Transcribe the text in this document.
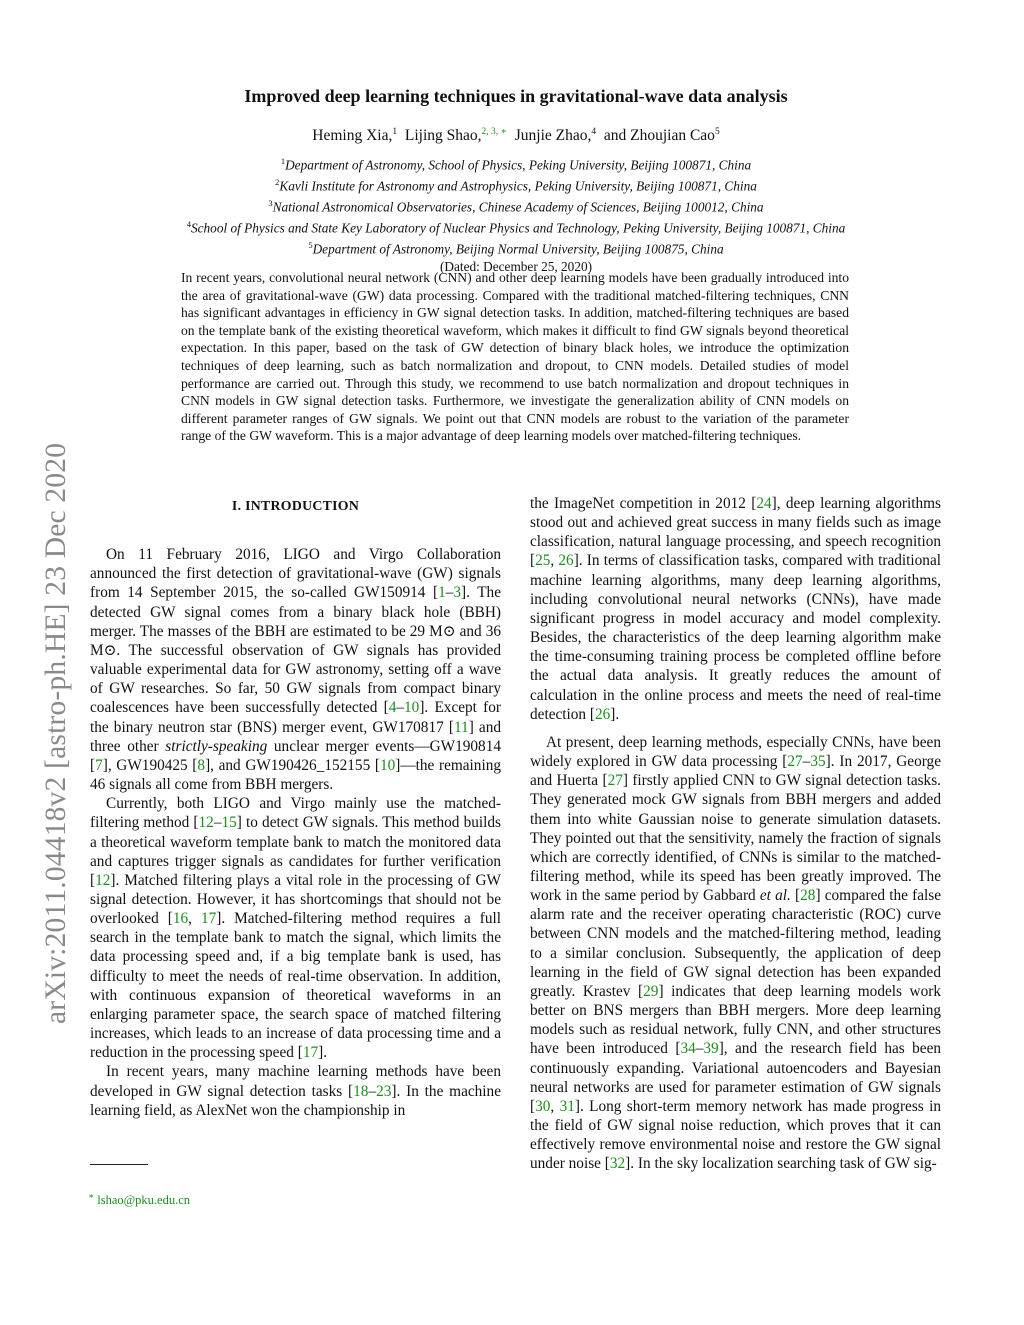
arXiv:2011.04418v2 [astro-ph.HE] 23 Dec 2020
Improved deep learning techniques in gravitational-wave data analysis
Heming Xia,$^1$ Lijing Shao,$^{2, 3, ∗}$ Junjie Zhao,$^4$ and Zhoujian Cao$^5$
$^1$Department of Astronomy, School of Physics, Peking University, Beijing 100871, China
$^2$Kavli Institute for Astronomy and Astrophysics, Peking University, Beijing 100871, China
$^3$National Astronomical Observatories, Chinese Academy of Sciences, Beijing 100012, China
$^4$School of Physics and State Key Laboratory of Nuclear Physics and Technology, Peking University, Beijing 100871, China
$^5$Department of Astronomy, Beijing Normal University, Beijing 100875, China
(Dated: December 25, 2020)

In recent years, convolutional neural network (CNN) and other deep learning models have been gradually introduced into the area of gravitational-wave (GW) data processing. Compared with the traditional matched-filtering techniques, CNN has significant advantages in efficiency in GW signal detection tasks. In addition, matched-filtering techniques are based on the template bank of the existing theoretical waveform, which makes it difficult to find GW signals beyond theoretical expectation. In this paper, based on the task of GW detection of binary black holes, we introduce the optimization techniques of deep learning, such as batch normalization and dropout, to CNN models. Detailed studies of model performance are carried out. Through this study, we recommend to use batch normalization and dropout techniques in CNN models in GW signal detection tasks. Furthermore, we investigate the generalization ability of CNN models on different parameter ranges of GW signals. We point out that CNN models are robust to the variation of the parameter range of the GW waveform. This is a major advantage of deep learning models over matched-filtering techniques.

I. INTRODUCTION

On 11 February 2016, LIGO and Virgo Collaboration announced the first detection of gravitational-wave (GW) signals from 14 September 2015, the so-called GW150914 [1–3]. The detected GW signal comes from a binary black hole (BBH) merger. The masses of the BBH are estimated to be 29 M⊙ and 36 M⊙. The successful observation of GW signals has provided valuable experimental data for GW astronomy, setting off a wave of GW researches. So far, 50 GW signals from compact binary coalescences have been successfully detected [4–10]. Except for the binary neutron star (BNS) merger event, GW170817 [11] and three other strictly-speaking unclear merger events—GW190814 [7], GW190425 [8], and GW190426_152155 [10]—the remaining 46 signals all come from BBH mergers.

Currently, both LIGO and Virgo mainly use the matched-filtering method [12–15] to detect GW signals. This method builds a theoretical waveform template bank to match the monitored data and captures trigger signals as candidates for further verification [12]. Matched filtering plays a vital role in the processing of GW signal detection. However, it has shortcomings that should not be overlooked [16, 17]. Matched-filtering method requires a full search in the template bank to match the signal, which limits the data processing speed and, if a big template bank is used, has difficulty to meet the needs of real-time observation. In addition, with continuous expansion of theoretical waveforms in an enlarging parameter space, the search space of matched filtering increases, which leads to an increase of data processing time and a reduction in the processing speed [17].

In recent years, many machine learning methods have been developed in GW signal detection tasks [18–23]. In the machine learning field, as AlexNet won the championship in

the ImageNet competition in 2012 [24], deep learning algorithms stood out and achieved great success in many fields such as image classification, natural language processing, and speech recognition [25, 26]. In terms of classification tasks, compared with traditional machine learning algorithms, many deep learning algorithms, including convolutional neural networks (CNNs), have made significant progress in model accuracy and model complexity. Besides, the characteristics of the deep learning algorithm make the time-consuming training process be completed offline before the actual data analysis. It greatly reduces the amount of calculation in the online process and meets the need of real-time detection [26].

At present, deep learning methods, especially CNNs, have been widely explored in GW data processing [27–35]. In 2017, George and Huerta [27] firstly applied CNN to GW signal detection tasks. They generated mock GW signals from BBH mergers and added them into white Gaussian noise to generate simulation datasets. They pointed out that the sensitivity, namely the fraction of signals which are correctly identified, of CNNs is similar to the matched-filtering method, while its speed has been greatly improved. The work in the same period by Gabbard et al. [28] compared the false alarm rate and the receiver operating characteristic (ROC) curve between CNN models and the matched-filtering method, leading to a similar conclusion. Subsequently, the application of deep learning in the field of GW signal detection has been expanded greatly. Krastev [29] indicates that deep learning models work better on BNS mergers than BBH mergers. More deep learning models such as residual network, fully CNN, and other structures have been introduced [34–39], and the research field has been continuously expanding. Variational autoencoders and Bayesian neural networks are used for parameter estimation of GW signals [30, 31]. Long short-term memory network has made progress in the field of GW signal noise reduction, which proves that it can effectively remove environmental noise and restore the GW signal under noise [32]. In the sky localization searching task of GW sig-

∗ lshao@pku.edu.cn
